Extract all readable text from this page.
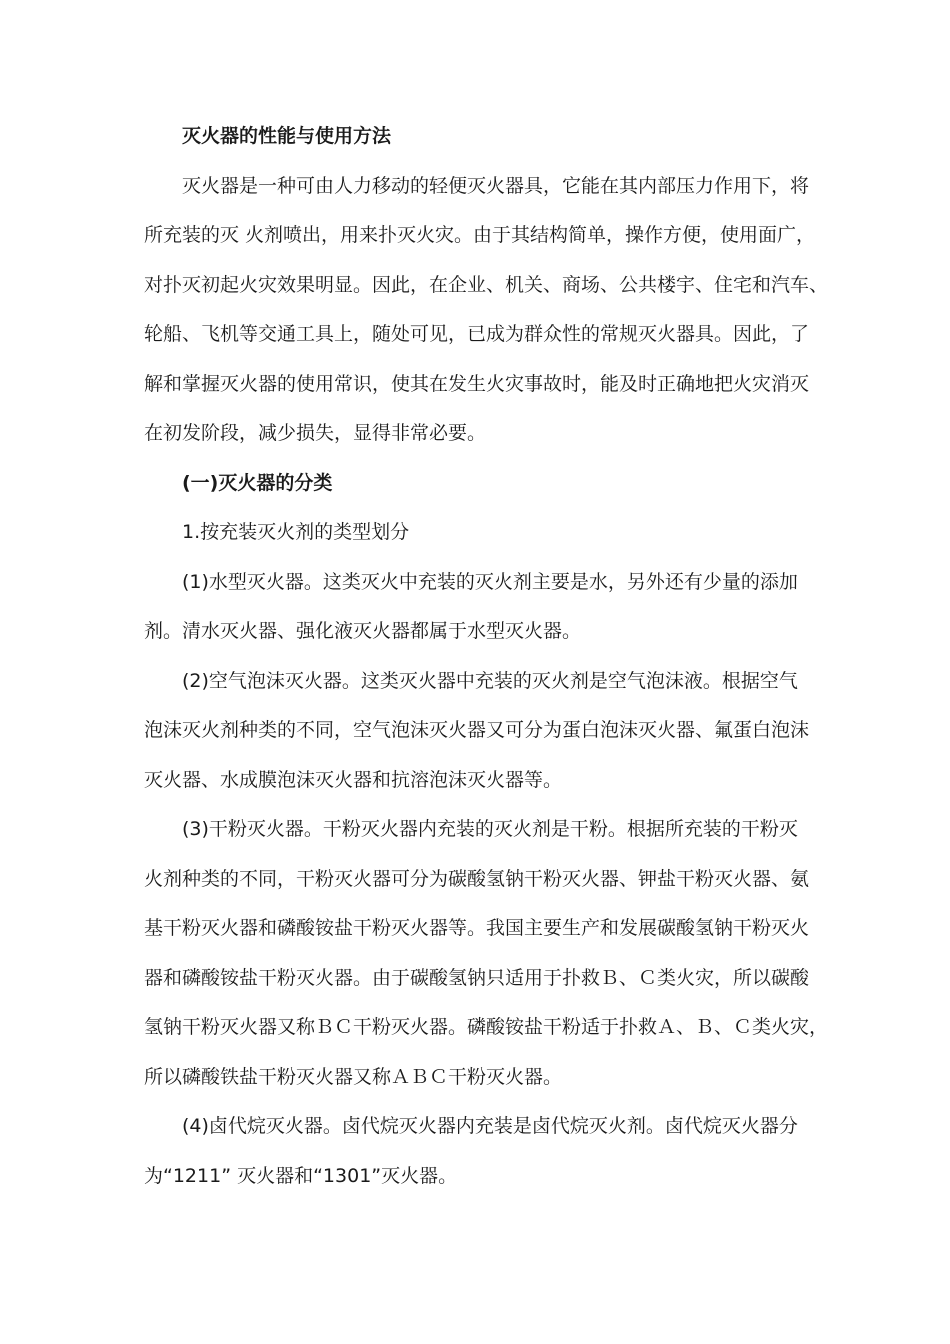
灭火器的性能与使用方法
灭火器是一种可由人力移动的轻便灭火器具，它能在其内部压力作用下，将
所充装的灭 火剂喷出，用来扑灭火灾。由于其结构简单，操作方便，使用面广，
对扑灭初起火灾效果明显。因此，在企业、机关、商场、公共楼宇、住宅和汽车、
轮船、飞机等交通工具上，随处可见，已成为群众性的常规灭火器具。因此，了
解和掌握灭火器的使用常识，使其在发生火灾事故时，能及时正确地把火灾消灭
在初发阶段，减少损失，显得非常必要。
(一)灭火器的分类
1.按充装灭火剂的类型划分
(1)水型灭火器。这类灭火中充装的灭火剂主要是水，另外还有少量的添加
剂。清水灭火器、强化液灭火器都属于水型灭火器。
(2)空气泡沫灭火器。这类灭火器中充装的灭火剂是空气泡沫液。根据空气
泡沫灭火剂种类的不同，空气泡沫灭火器又可分为蛋白泡沫灭火器、氟蛋白泡沫
灭火器、水成膜泡沫灭火器和抗溶泡沫灭火器等。
(3)干粉灭火器。干粉灭火器内充装的灭火剂是干粉。根据所充装的干粉灭
火剂种类的不同，干粉灭火器可分为碳酸氢钠干粉灭火器、钾盐干粉灭火器、氨
基干粉灭火器和磷酸铵盐干粉灭火器等。我国主要生产和发展碳酸氢钠干粉灭火
器和磷酸铵盐干粉灭火器。由于碳酸氢钠只适用于扑救Ｂ、Ｃ类火灾，所以碳酸
氢钠干粉灭火器又称ＢＣ干粉灭火器。磷酸铵盐干粉适于扑救Ａ、Ｂ、Ｃ类火灾，
所以磷酸铁盐干粉灭火器又称ＡＢＣ干粉灭火器。
(4)卤代烷灭火器。卤代烷灭火器内充装是卤代烷灭火剂。卤代烷灭火器分
为“1211” 灭火器和“1301”灭火器。
